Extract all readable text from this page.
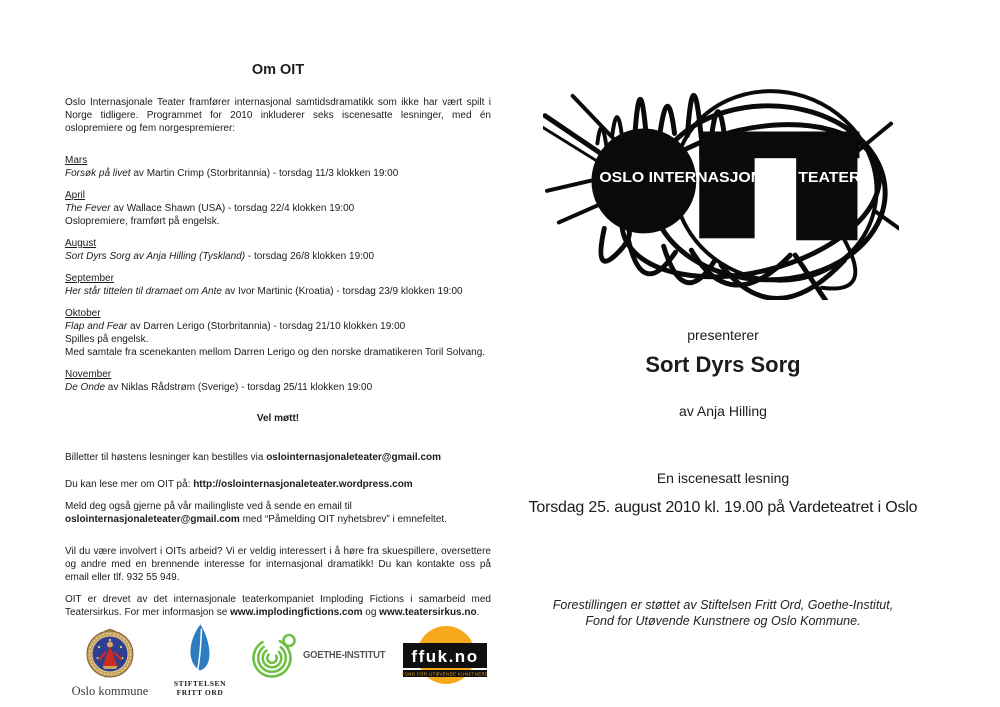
Om OIT

Oslo Internasjonale Teater framfører internasjonal samtidsdramatikk som ikke har vært spilt i Norge tidligere. Programmet for 2010 inkluderer seks iscenesatte lesninger, med én oslopremiere og fem norgespremierer:

Mars
Forsøk på livet av Martin Crimp (Storbritannia) - torsdag 11/3 klokken 19:00
April
The Fever av Wallace Shawn (USA) - torsdag 22/4 klokken 19:00
Oslopremiere, framført på engelsk.
August
Sort Dyrs Sorg av Anja Hilling (Tyskland) - torsdag 26/8 klokken 19:00
September
Her står tittelen til dramaet om Ante av Ivor Martinic (Kroatia) - torsdag 23/9 klokken 19:00
Oktober
Flap and Fear av Darren Lerigo (Storbritannia) - torsdag 21/10 klokken 19:00
Spilles på engelsk.
Med samtale fra scenekanten mellom Darren Lerigo og den norske dramatikeren Toril Solvang.
November
De Onde av Niklas Rådstrøm (Sverige) - torsdag 25/11 klokken 19:00
Vel møtt!

Billetter til høstens lesninger kan bestilles via oslointernasjonaleteater@gmail.com

Du kan lese mer om OIT på: http://oslointernasjonaleteater.wordpress.com

Meld deg også gjerne på vår mailingliste ved å sende en email til
oslointernasjonaleteater@gmail.com med “Påmelding OIT nyhetsbrev” i emnefeltet.

Vil du være involvert i OITs arbeid? Vi er veldig interessert i å høre fra skuespillere, oversettere og andre med en brennende interesse for internasjonal dramatikk! Du kan kontakte oss på email eller tlf. 932 55 949.

OIT er drevet av det internasjonale teaterkompaniet Imploding Fictions i samarbeid med Teatersirkus. For mer informasjon se www.implodingfictions.com og www.teatersirkus.no.

Oslo kommune
STIFTELSEN
FRITT ORD
GOETHE-INSTITUT ffuk.no
FOND FOR UTØVENDE KUNSTNERE
OSLO INTERNASJONALE TEATER
presenterer
Sort Dyrs Sorg
av Anja Hilling
En iscenesatt lesning
Torsdag 25. august 2010 kl. 19.00 på Vardeteatret i Oslo
Forestillingen er støttet av Stiftelsen Fritt Ord, Goethe-Institut,
Fond for Utøvende Kunstnere og Oslo Kommune.
